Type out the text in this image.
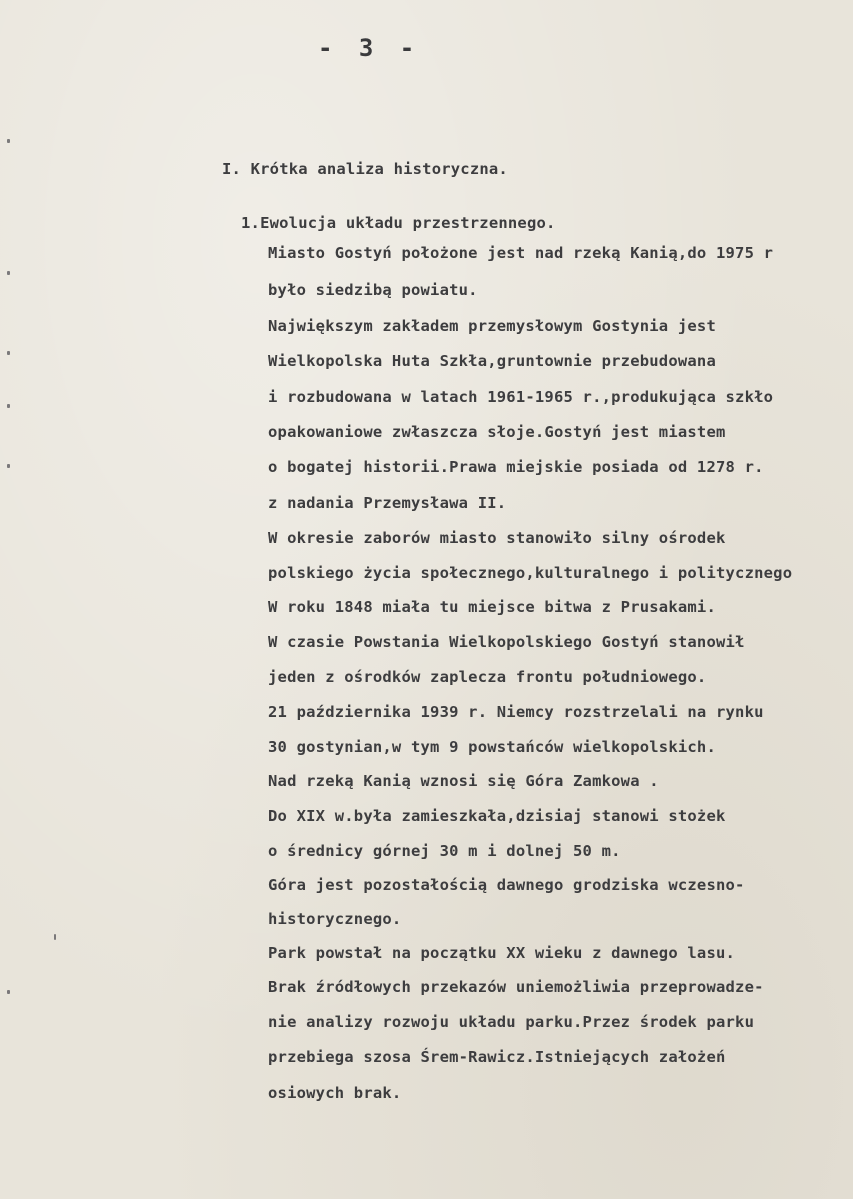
- 3 -
I. Krótka analiza historyczna.
1.Ewolucja układu przestrzennego.
Miasto Gostyń położone jest nad rzeką Kanią,do 1975 r
było siedzibą powiatu.
Największym zakładem przemysłowym Gostynia jest
Wielkopolska Huta Szkła,gruntownie przebudowana
i rozbudowana w latach 1961-1965 r.,produkująca szkło
opakowaniowe zwłaszcza słoje.Gostyń jest miastem
o bogatej historii.Prawa miejskie posiada od 1278 r.
z nadania Przemysława II.
W okresie zaborów miasto stanowiło silny ośrodek
polskiego życia społecznego,kulturalnego i politycznego
W roku 1848 miała tu miejsce bitwa z Prusakami.
W czasie Powstania Wielkopolskiego Gostyń stanowił
jeden z ośrodków zaplecza frontu południowego.
21 października 1939 r. Niemcy rozstrzelali na rynku
30 gostynian,w tym 9 powstańców wielkopolskich.
Nad rzeką Kanią wznosi się Góra Zamkowa .
Do XIX w.była zamieszkała,dzisiaj stanowi stożek
o średnicy górnej 30 m i dolnej 50 m.
Góra jest pozostałością dawnego grodziska wczesno-
historycznego.
Park powstał na początku XX wieku z dawnego lasu.
Brak źródłowych przekazów uniemożliwia przeprowadze-
nie analizy rozwoju układu parku.Przez środek parku
przebiega szosa Śrem-Rawicz.Istniejących założeń
osiowych brak.
